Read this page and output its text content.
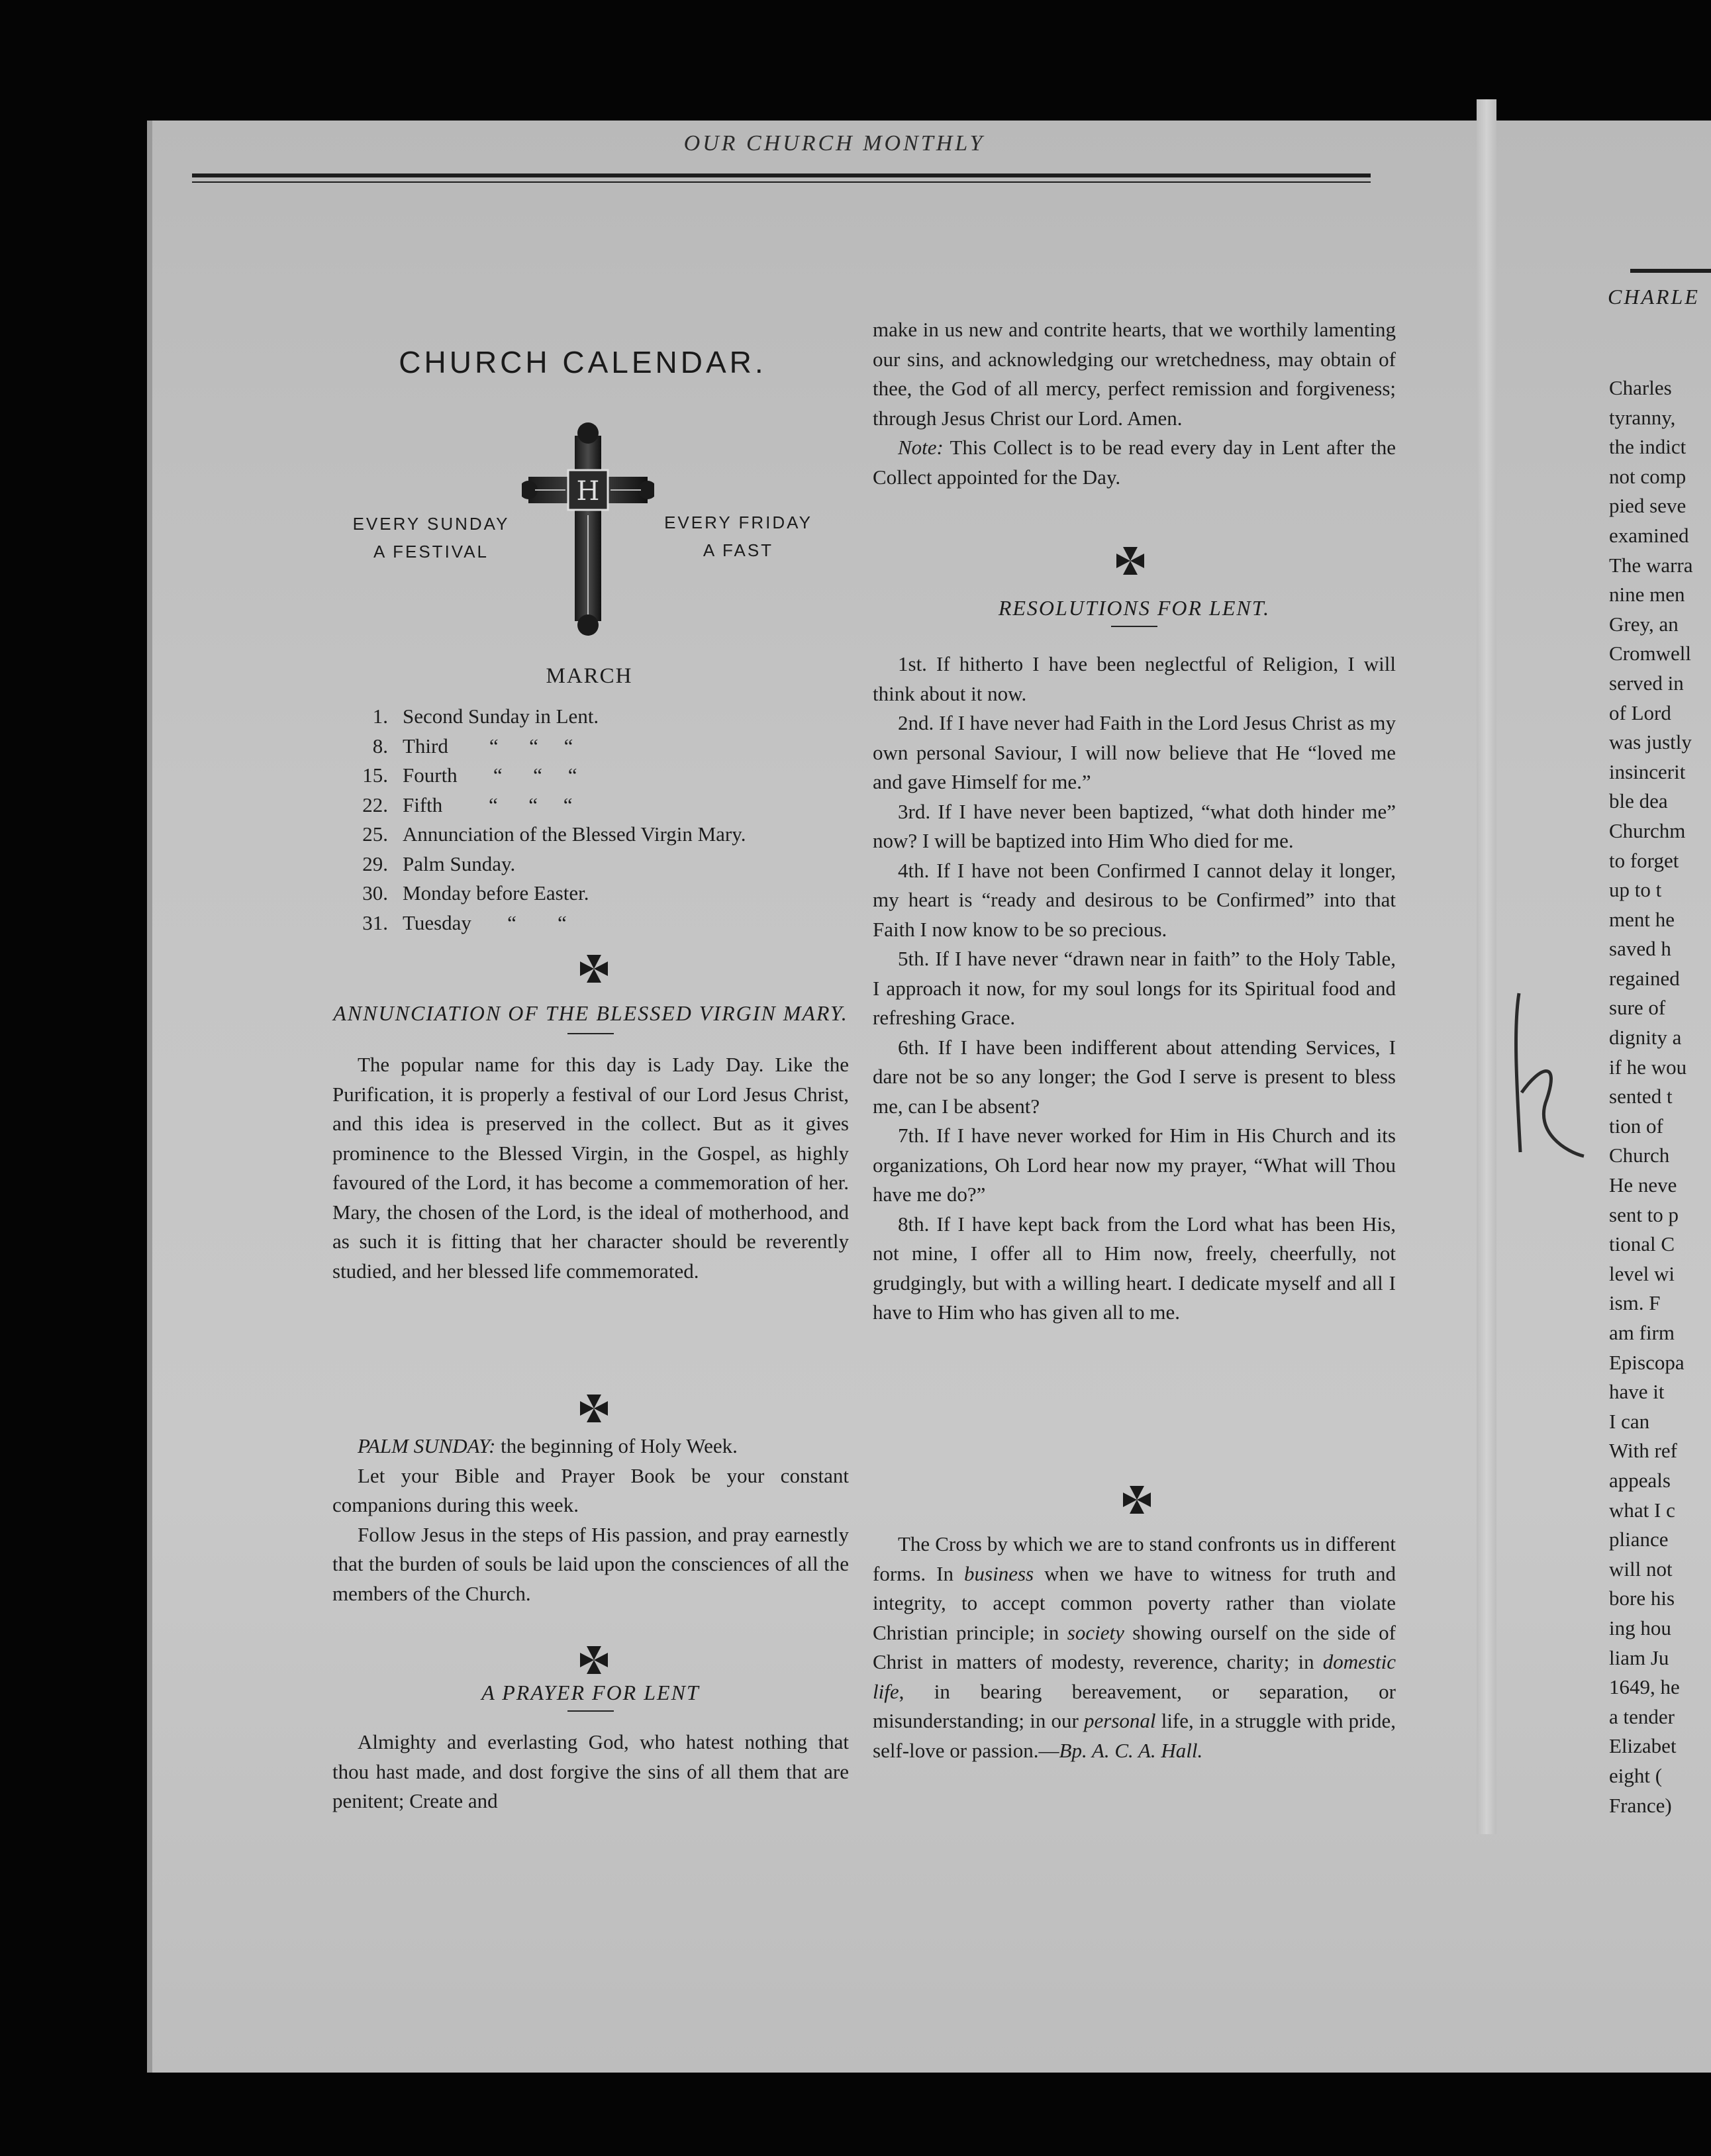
OUR CHURCH MONTHLY
CHURCH CALENDAR.
EVERY SUNDAY
A FESTIVAL
H
EVERY FRIDAY
A FAST
MARCH
1. Second Sunday in Lent.
8. Third        “      “     “
15. Fourth       “      “     “
22. Fifth         “      “     “
25. Annunciation of the Blessed Virgin Mary.
29. Palm Sunday.
30. Monday before Easter.
31. Tuesday       “        “
ANNUNCIATION OF THE BLESSED VIRGIN MARY.

The popular name for this day is Lady Day. Like the Purification, it is properly a festival of our Lord Jesus Christ, and this idea is preserved in the collect. But as it gives prominence to the Blessed Virgin, in the Gospel, as highly favoured of the Lord, it has become a commemoration of her. Mary, the chosen of the Lord, is the ideal of motherhood, and as such it is fitting that her character should be reverently studied, and her blessed life commemorated.

PALM SUNDAY: the beginning of Holy Week.

Let your Bible and Prayer Book be your constant companions during this week.

Follow Jesus in the steps of His passion, and pray earnestly that the burden of souls be laid upon the consciences of all the members of the Church.

A PRAYER FOR LENT

Almighty and everlasting God, who hatest nothing that thou hast made, and dost forgive the sins of all them that are penitent; Create and

make in us new and contrite hearts, that we worthily lamenting our sins, and acknowledging our wretchedness, may obtain of thee, the God of all mercy, perfect remission and forgiveness; through Jesus Christ our Lord. Amen.

Note: This Collect is to be read every day in Lent after the Collect appointed for the Day.

RESOLUTIONS FOR LENT.

1st. If hitherto I have been neglectful of Religion, I will think about it now.

2nd. If I have never had Faith in the Lord Jesus Christ as my own personal Saviour, I will now believe that He “loved me and gave Himself for me.”

3rd. If I have never been baptized, “what doth hinder me” now? I will be baptized into Him Who died for me.

4th. If I have not been Confirmed I cannot delay it longer, my heart is “ready and desirous to be Confirmed” into that Faith I now know to be so precious.

5th. If I have never “drawn near in faith” to the Holy Table, I approach it now, for my soul longs for its Spiritual food and refreshing Grace.

6th. If I have been indifferent about attending Services, I dare not be so any longer; the God I serve is present to bless me, can I be absent?

7th. If I have never worked for Him in His Church and its organizations, Oh Lord hear now my prayer, “What will Thou have me do?”

8th. If I have kept back from the Lord what has been His, not mine, I offer all to Him now, freely, cheerfully, not grudgingly, but with a willing heart. I dedicate myself and all I have to Him who has given all to me.

The Cross by which we are to stand confronts us in different forms. In business when we have to witness for truth and integrity, to accept common poverty rather than violate Christian principle; in society showing ourself on the side of Christ in matters of modesty, reverence, charity; in domestic life, in bearing bereavement, or separation, or misunderstanding; in our personal life, in a struggle with pride, self-love or passion.—Bp. A. C. A. Hall.

CHARLE
Charles
tyranny,
the indict
not comp
pied seve
examined
The warra
nine men
Grey, an
Cromwell
served in
of Lord
was justly
insincerit
ble dea
Churchm
to forget
up to t
ment he
saved h
regained
sure of
dignity a
if he wou
sented t
tion of
Church
He neve
sent to p
tional C
level wi
ism. F
am firm
Episcopa
have it
I can
With ref
appeals
what I c
pliance
will not
bore his
ing hou
liam Ju
1649, he
a tender
Elizabet
eight (
France)
